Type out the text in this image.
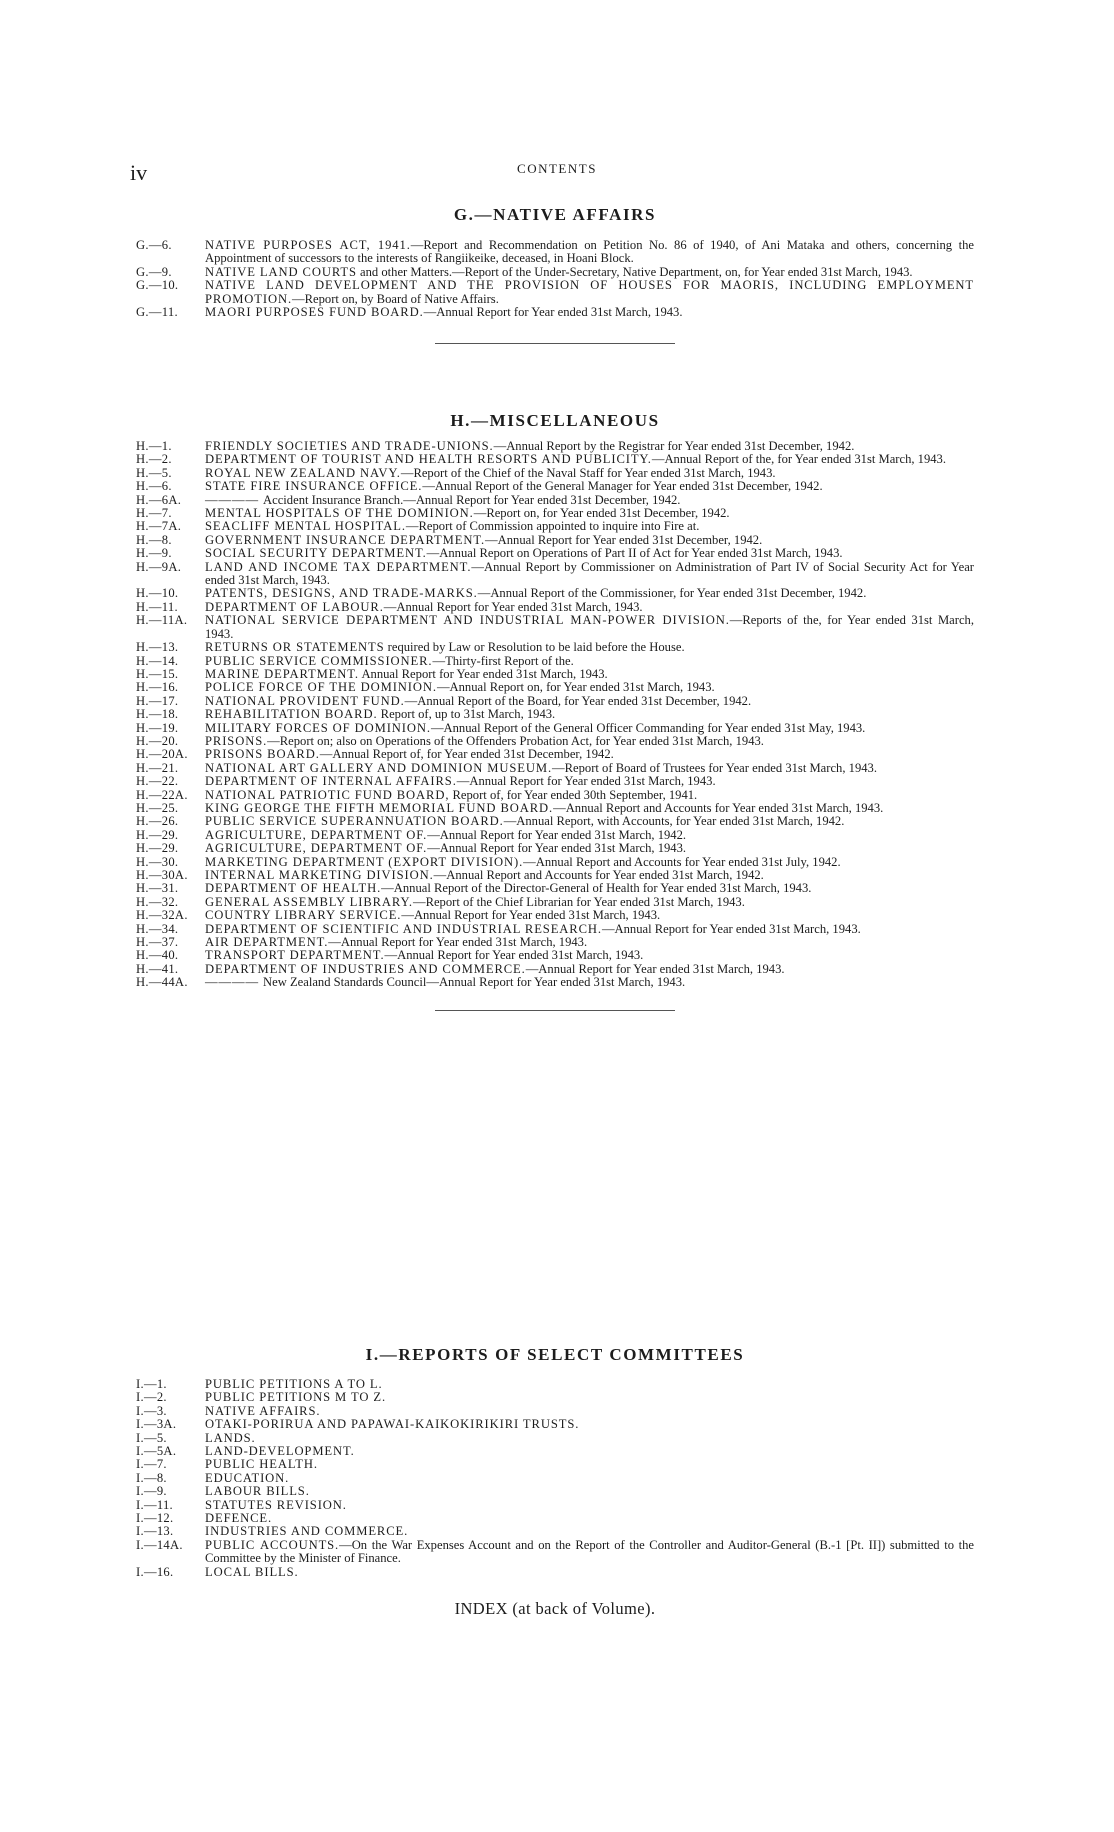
iv	CONTENTS
G.—NATIVE AFFAIRS
G.—6.	NATIVE PURPOSES ACT, 1941.—Report and Recommendation on Petition No. 86 of 1940, of Ani Mataka and others, concerning the Appointment of successors to the interests of Rangiikeike, deceased, in Hoani Block.
G.—9.	NATIVE LAND COURTS and other Matters.—Report of the Under-Secretary, Native Department, on, for Year ended 31st March, 1943.
G.—10.	NATIVE LAND DEVELOPMENT AND THE PROVISION OF HOUSES FOR MAORIS, INCLUDING EMPLOYMENT PROMOTION.—Report on, by Board of Native Affairs.
G.—11.	MAORI PURPOSES FUND BOARD.—Annual Report for Year ended 31st March, 1943.
H.—MISCELLANEOUS
H.—1.	FRIENDLY SOCIETIES AND TRADE-UNIONS.—Annual Report by the Registrar for Year ended 31st December, 1942.
H.—2.	DEPARTMENT OF TOURIST AND HEALTH RESORTS AND PUBLICITY.—Annual Report of the, for Year ended 31st March, 1943.
H.—5.	ROYAL NEW ZEALAND NAVY.—Report of the Chief of the Naval Staff for Year ended 31st March, 1943.
H.—6.	STATE FIRE INSURANCE OFFICE.—Annual Report of the General Manager for Year ended 31st December, 1942.
H.—6A.	———— Accident Insurance Branch.—Annual Report for Year ended 31st December, 1942.
H.—7.	MENTAL HOSPITALS OF THE DOMINION.—Report on, for Year ended 31st December, 1942.
H.—7A.	SEACLIFF MENTAL HOSPITAL.—Report of Commission appointed to inquire into Fire at.
H.—8.	GOVERNMENT INSURANCE DEPARTMENT.—Annual Report for Year ended 31st December, 1942.
H.—9.	SOCIAL SECURITY DEPARTMENT.—Annual Report on Operations of Part II of Act for Year ended 31st March, 1943.
H.—9A.	LAND AND INCOME TAX DEPARTMENT.—Annual Report by Commissioner on Administration of Part IV of Social Security Act for Year ended 31st March, 1943.
H.—10.	PATENTS, DESIGNS, AND TRADE-MARKS.—Annual Report of the Commissioner, for Year ended 31st December, 1942.
H.—11.	DEPARTMENT OF LABOUR.—Annual Report for Year ended 31st March, 1943.
H.—11A.	NATIONAL SERVICE DEPARTMENT AND INDUSTRIAL MAN-POWER DIVISION.—Reports of the, for Year ended 31st March, 1943.
H.—13.	RETURNS OR STATEMENTS required by Law or Resolution to be laid before the House.
H.—14.	PUBLIC SERVICE COMMISSIONER.—Thirty-first Report of the.
H.—15.	MARINE DEPARTMENT. Annual Report for Year ended 31st March, 1943.
H.—16.	POLICE FORCE OF THE DOMINION.—Annual Report on, for Year ended 31st March, 1943.
H.—17.	NATIONAL PROVIDENT FUND.—Annual Report of the Board, for Year ended 31st December, 1942.
H.—18.	REHABILITATION BOARD. Report of, up to 31st March, 1943.
H.—19.	MILITARY FORCES OF DOMINION.—Annual Report of the General Officer Commanding for Year ended 31st May, 1943.
H.—20.	PRISONS.—Report on; also on Operations of the Offenders Probation Act, for Year ended 31st March, 1943.
H.—20A.	PRISONS BOARD.—Annual Report of, for Year ended 31st December, 1942.
H.—21.	NATIONAL ART GALLERY AND DOMINION MUSEUM.—Report of Board of Trustees for Year ended 31st March, 1943.
H.—22.	DEPARTMENT OF INTERNAL AFFAIRS.—Annual Report for Year ended 31st March, 1943.
H.—22A.	NATIONAL PATRIOTIC FUND BOARD, Report of, for Year ended 30th September, 1941.
H.—25.	KING GEORGE THE FIFTH MEMORIAL FUND BOARD.—Annual Report and Accounts for Year ended 31st March, 1943.
H.—26.	PUBLIC SERVICE SUPERANNUATION BOARD.—Annual Report, with Accounts, for Year ended 31st March, 1942.
H.—29.	AGRICULTURE, DEPARTMENT OF.—Annual Report for Year ended 31st March, 1942.
H.—29.	AGRICULTURE, DEPARTMENT OF.—Annual Report for Year ended 31st March, 1943.
H.—30.	MARKETING DEPARTMENT (EXPORT DIVISION).—Annual Report and Accounts for Year ended 31st July, 1942.
H.—30A.	INTERNAL MARKETING DIVISION.—Annual Report and Accounts for Year ended 31st March, 1942.
H.—31.	DEPARTMENT OF HEALTH.—Annual Report of the Director-General of Health for Year ended 31st March, 1943.
H.—32.	GENERAL ASSEMBLY LIBRARY.—Report of the Chief Librarian for Year ended 31st March, 1943.
H.—32A.	COUNTRY LIBRARY SERVICE.—Annual Report for Year ended 31st March, 1943.
H.—34.	DEPARTMENT OF SCIENTIFIC AND INDUSTRIAL RESEARCH.—Annual Report for Year ended 31st March, 1943.
H.—37.	AIR DEPARTMENT.—Annual Report for Year ended 31st March, 1943.
H.—40.	TRANSPORT DEPARTMENT.—Annual Report for Year ended 31st March, 1943.
H.—41.	DEPARTMENT OF INDUSTRIES AND COMMERCE.—Annual Report for Year ended 31st March, 1943.
H.—44A.	———— New Zealand Standards Council—Annual Report for Year ended 31st March, 1943.
I.—REPORTS OF SELECT COMMITTEES
I.—1.	PUBLIC PETITIONS A TO L.
I.—2.	PUBLIC PETITIONS M TO Z.
I.—3.	NATIVE AFFAIRS.
I.—3A.	OTAKI-PORIRUA AND PAPAWAI-KAIKOKIRIKIRI TRUSTS.
I.—5.	LANDS.
I.—5A.	LAND-DEVELOPMENT.
I.—7.	PUBLIC HEALTH.
I.—8.	EDUCATION.
I.—9.	LABOUR BILLS.
I.—11.	STATUTES REVISION.
I.—12.	DEFENCE.
I.—13.	INDUSTRIES AND COMMERCE.
I.—14A.	PUBLIC ACCOUNTS.—On the War Expenses Account and on the Report of the Controller and Auditor-General (B.-1 [Pt. II]) submitted to the Committee by the Minister of Finance.
I.—16.	LOCAL BILLS.
INDEX (at back of Volume).
